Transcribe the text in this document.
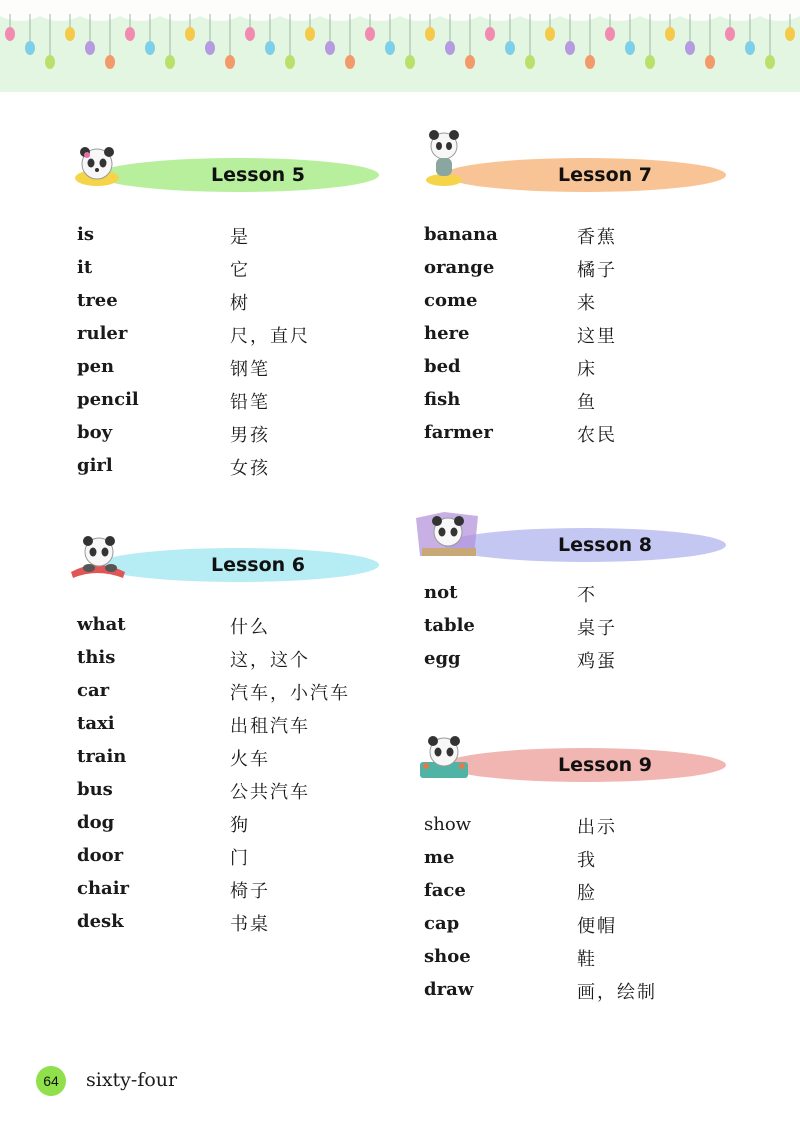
Lesson 5
is	是
it	它
tree	树
ruler	尺，直尺
pen	钢笔
pencil	铅笔
boy	男孩
girl	女孩
Lesson 6
what	什么
this	这，这个
car	汽车，小汽车
taxi	出租汽车
train	火车
bus	公共汽车
dog	狗
door	门
chair	椅子
desk	书桌
Lesson 7
banana	香蕉
orange	橘子
come	来
here	这里
bed	床
fish	鱼
farmer	农民
Lesson 8
not	不
table	桌子
egg	鸡蛋
Lesson 9
show	出示
me	我
face	脸
cap	便帽
shoe	鞋
draw	画，绘制
64	sixty-four
